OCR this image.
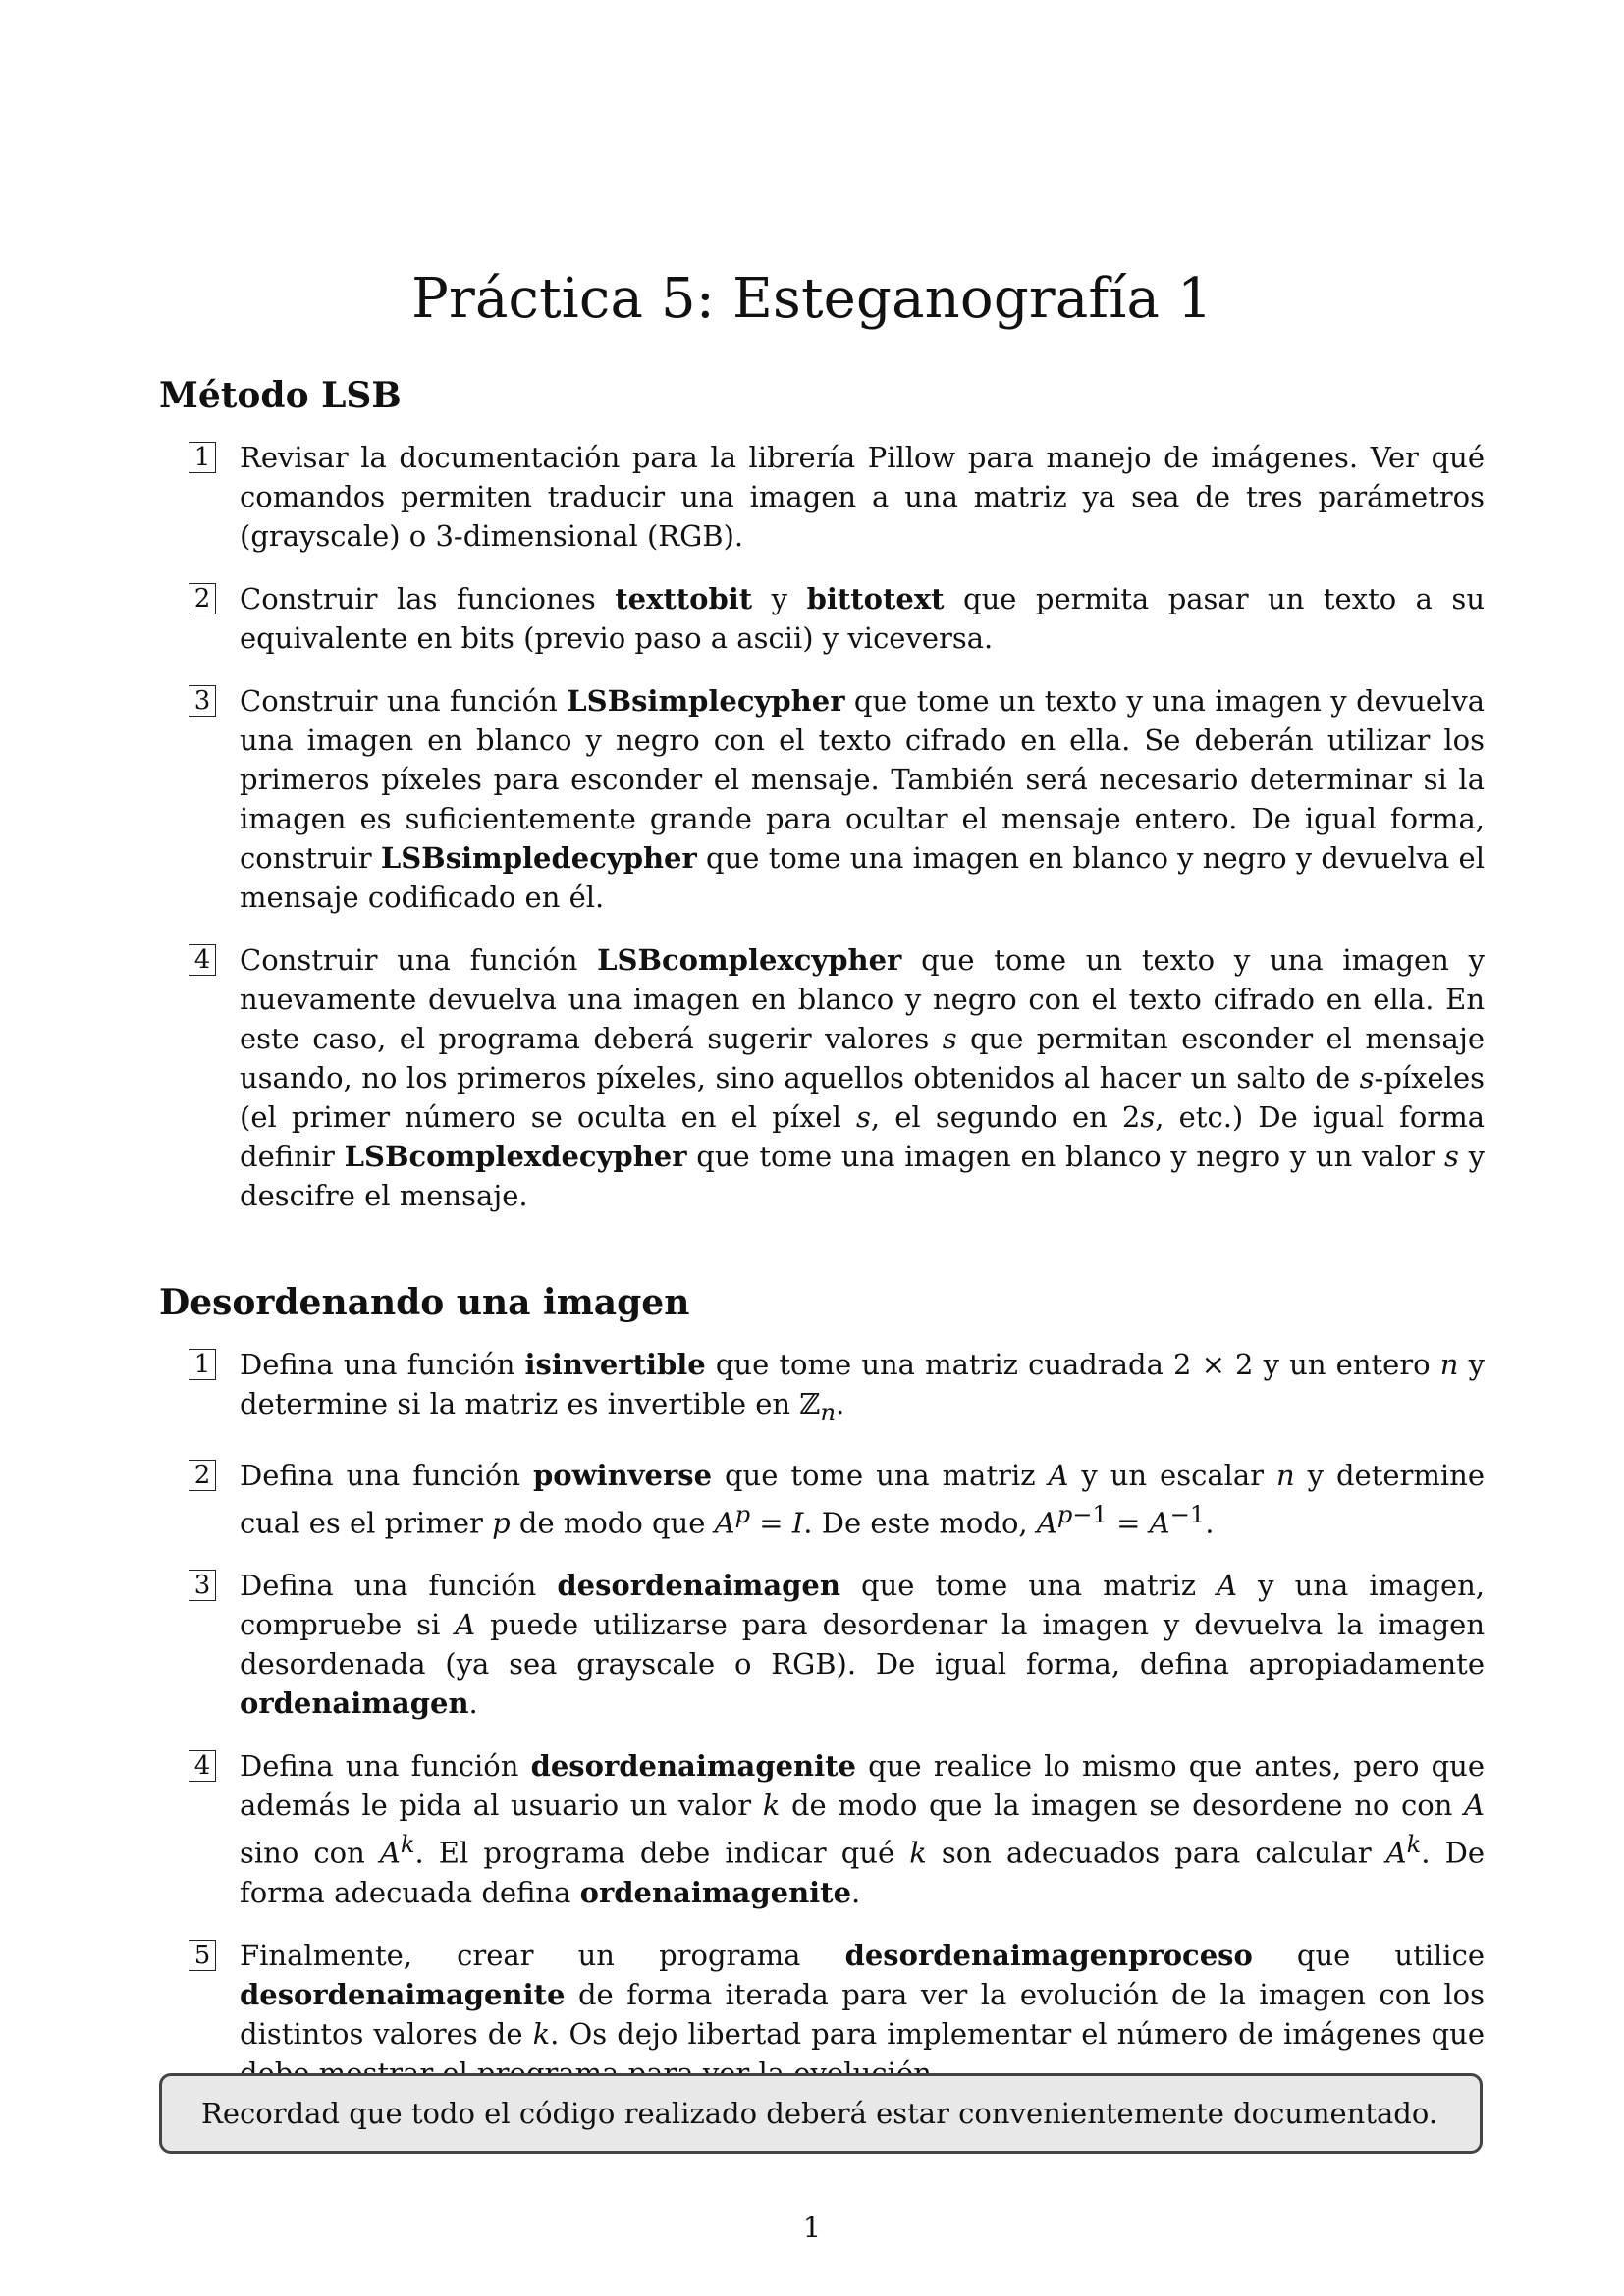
Práctica 5: Esteganografía 1
Método LSB
1 Revisar la documentación para la librería Pillow para manejo de imágenes. Ver qué comandos permiten traducir una imagen a una matriz ya sea de tres parámetros (grayscale) o 3-dimensional (RGB).
2 Construir las funciones texttobit y bittotext que permita pasar un texto a su equivalente en bits (previo paso a ascii) y viceversa.
3 Construir una función LSBsimplecypher que tome un texto y una imagen y devuelva una imagen en blanco y negro con el texto cifrado en ella. Se deberán utilizar los primeros píxeles para esconder el mensaje. También será necesario determinar si la imagen es suficientemente grande para ocultar el mensaje entero. De igual forma, construir LSBsimpledecypher que tome una imagen en blanco y negro y devuelva el mensaje codificado en él.
4 Construir una función LSBcomplexcypher que tome un texto y una imagen y nuevamente devuelva una imagen en blanco y negro con el texto cifrado en ella. En este caso, el programa deberá sugerir valores s que permitan esconder el mensaje usando, no los primeros píxeles, sino aquellos obtenidos al hacer un salto de s-píxeles (el primer número se oculta en el píxel s, el segundo en 2s, etc.) De igual forma definir LSBcomplexdecypher que tome una imagen en blanco y negro y un valor s y descifre el mensaje.
Desordenando una imagen
1 Defina una función isinvertible que tome una matriz cuadrada 2 × 2 y un entero n y determine si la matriz es invertible en ℤ$_n$.
2 Defina una función powinverse que tome una matriz A y un escalar n y determine cual es el primer p de modo que $A^p = I$. De este modo, $A^{p-1} = A^{-1}$.
3 Defina una función desordenaimagen que tome una matriz A y una imagen, compruebe si A puede utilizarse para desordenar la imagen y devuelva la imagen desordenada (ya sea grayscale o RGB). De igual forma, defina apropiadamente ordenaimagen.
4 Defina una función desordenaimagenite que realice lo mismo que antes, pero que además le pida al usuario un valor k de modo que la imagen se desordene no con A sino con $A^k$. El programa debe indicar qué k son adecuados para calcular $A^k$. De forma adecuada defina ordenaimagenite.
5 Finalmente, crear un programa desordenaimagenproceso que utilice desordenaimagenite de forma iterada para ver la evolución de la imagen con los distintos valores de k. Os dejo libertad para implementar el número de imágenes que
Recordad que todo el código realizado deberá estar convenientemente documentado.
1
